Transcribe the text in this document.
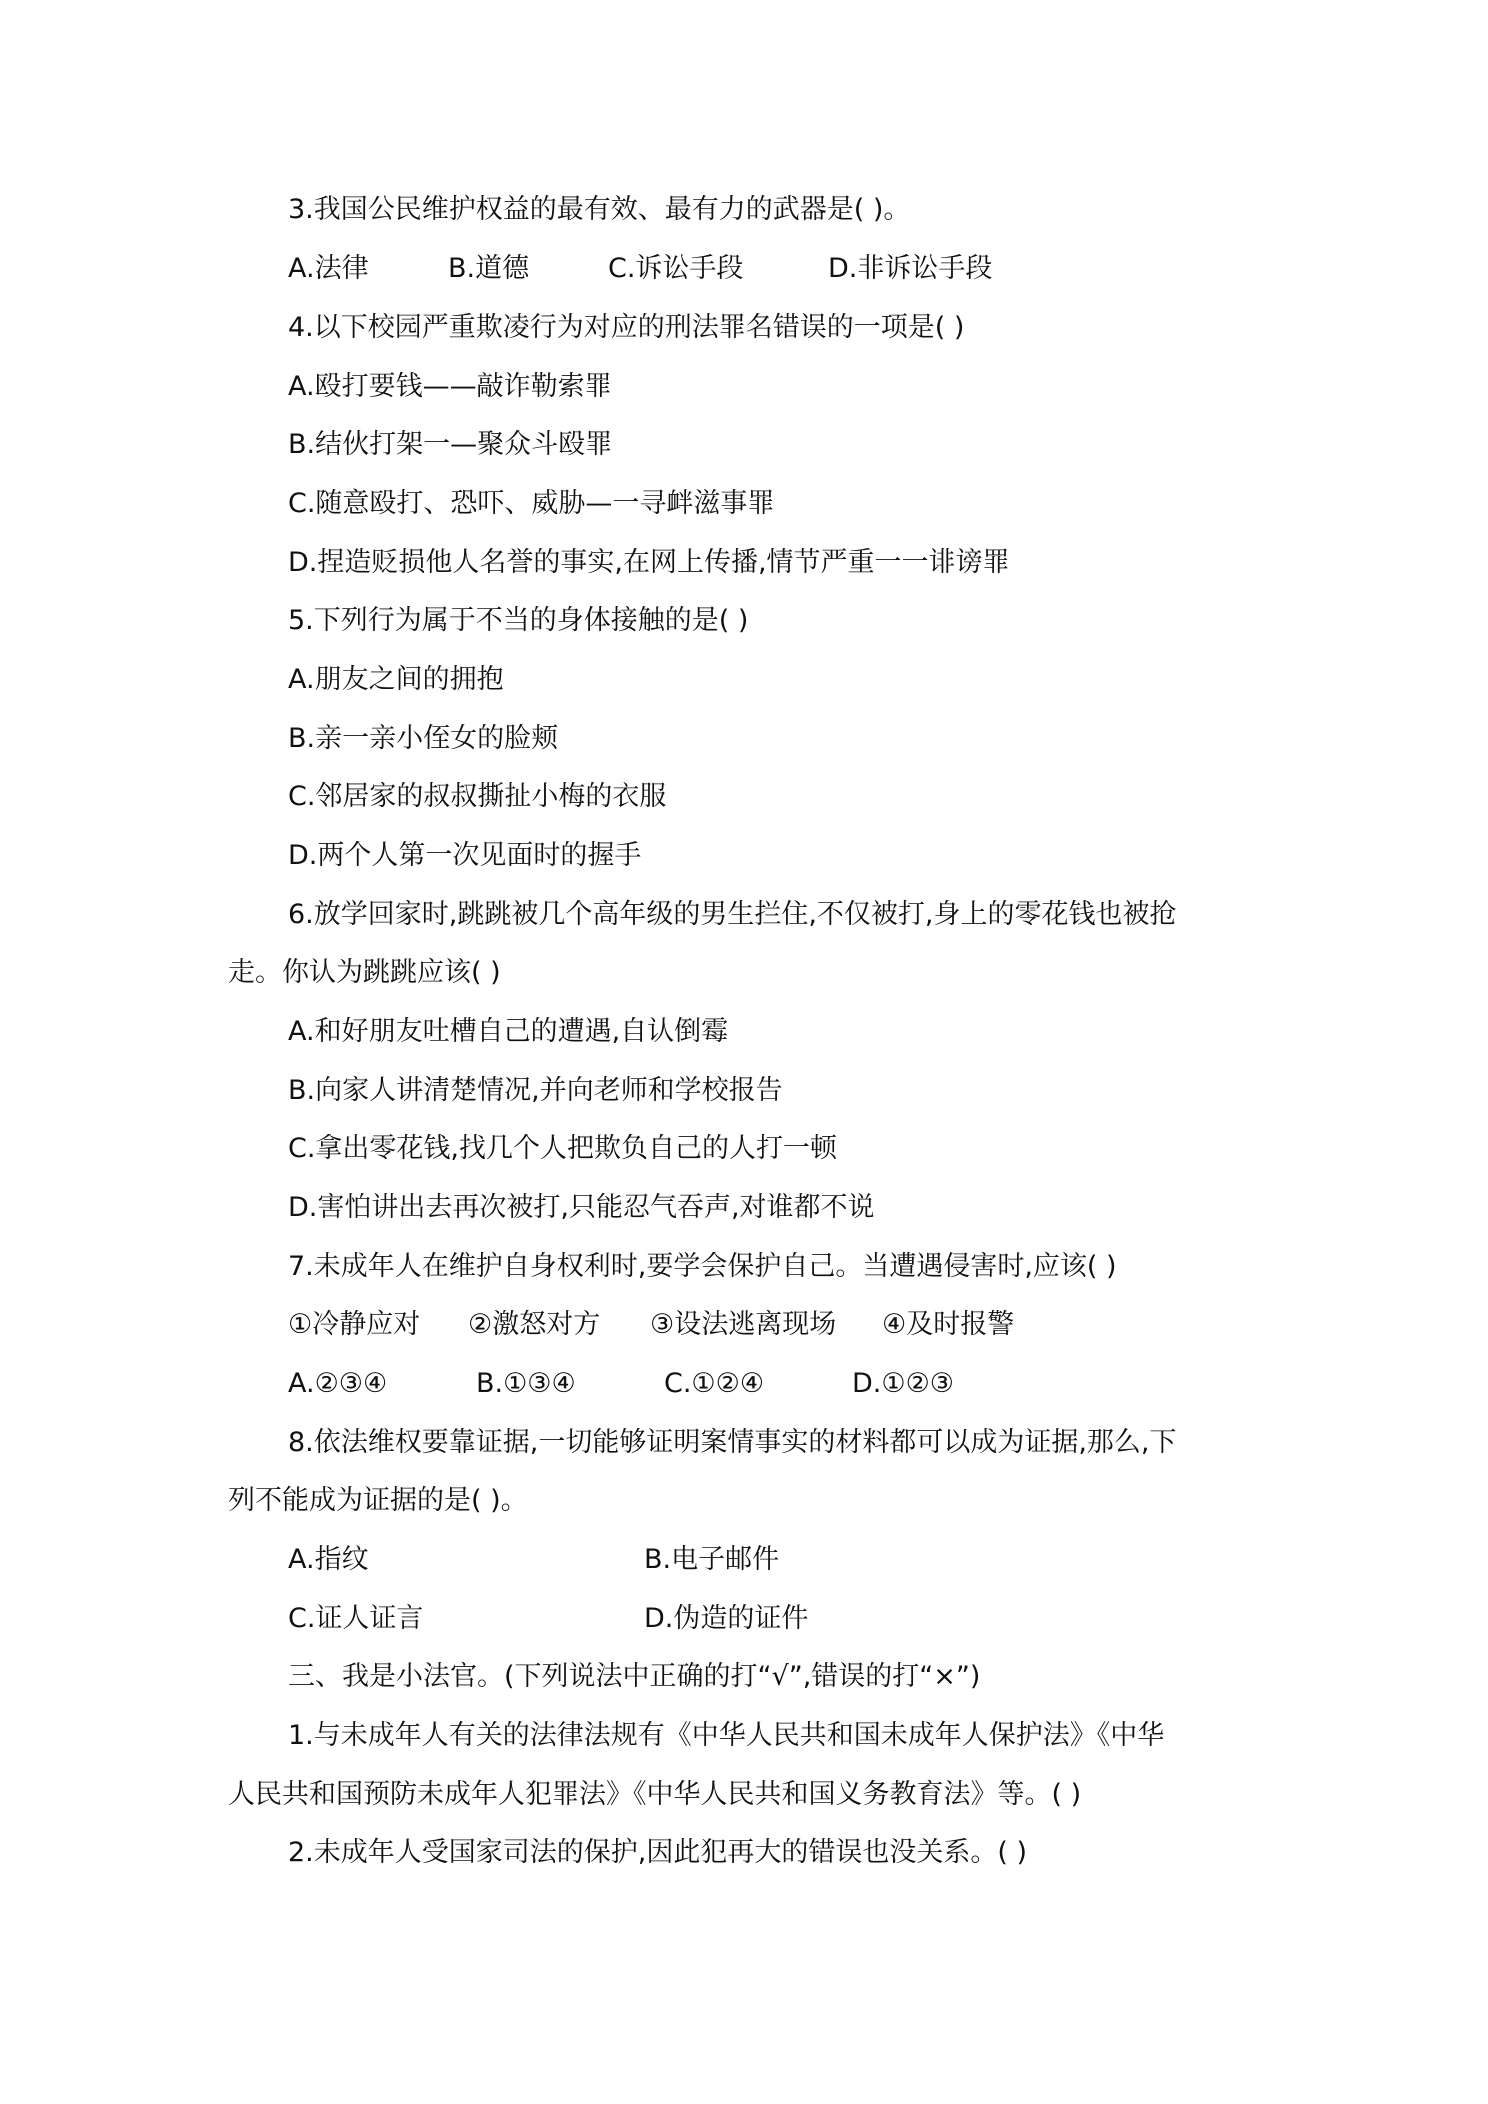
3.我国公民维护权益的最有效、最有力的武器是( )。
A.法律	B.道德	C.诉讼手段	D.非诉讼手段
4.以下校园严重欺凌行为对应的刑法罪名错误的一项是( )
A.殴打要钱——敲诈勒索罪
B.结伙打架一—聚众斗殴罪
C.随意殴打、恐吓、威胁—一寻衅滋事罪
D.捏造贬损他人名誉的事实,在网上传播,情节严重一一诽谤罪
5.下列行为属于不当的身体接触的是( )
A.朋友之间的拥抱
B.亲一亲小侄女的脸颊
C.邻居家的叔叔撕扯小梅的衣服
D.两个人第一次见面时的握手
6.放学回家时,跳跳被几个高年级的男生拦住,不仅被打,身上的零花钱也被抢
走。你认为跳跳应该( )
A.和好朋友吐槽自己的遭遇,自认倒霉
B.向家人讲清楚情况,并向老师和学校报告
C.拿出零花钱,找几个人把欺负自己的人打一顿
D.害怕讲出去再次被打,只能忍气吞声,对谁都不说
7.未成年人在维护自身权利时,要学会保护自己。当遭遇侵害时,应该( )
①冷静应对 ②激怒对方 ③设法逃离现场 ④及时报警
A.②③④	B.①③④	C.①②④	D.①②③
8.依法维权要靠证据,一切能够证明案情事实的材料都可以成为证据,那么,下
列不能成为证据的是( )。
A.指纹	B.电子邮件
C.证人证言	D.伪造的证件
三、我是小法官。(下列说法中正确的打“√”,错误的打“×”)
1.与未成年人有关的法律法规有《中华人民共和国未成年人保护法》《中华
人民共和国预防未成年人犯罪法》《中华人民共和国义务教育法》等。( )
2.未成年人受国家司法的保护,因此犯再大的错误也没关系。( )
